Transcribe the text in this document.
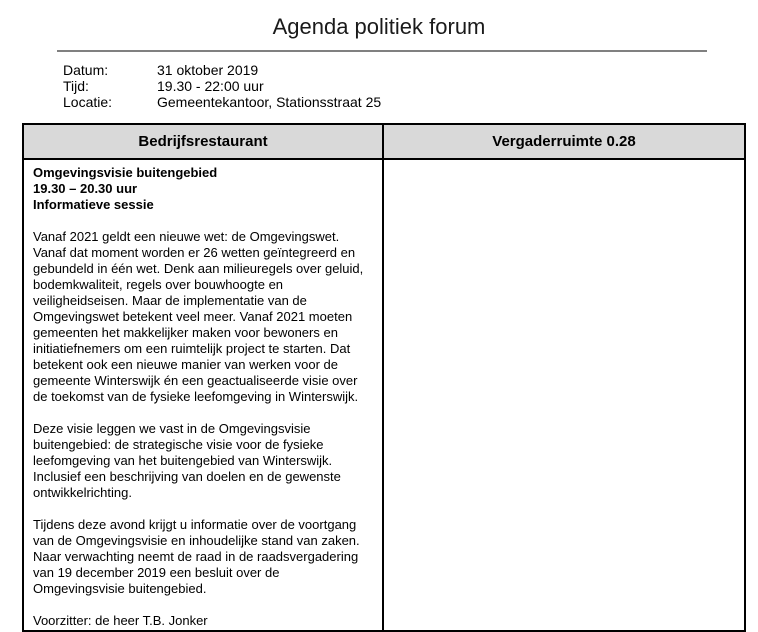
Agenda politiek forum
Datum:	31 oktober 2019
Tijd:	19.30 - 22:00 uur
Locatie:	Gemeentekantoor, Stationsstraat 25
Bedrijfsrestaurant	Vergaderruimte 0.28
Omgevingsvisie buitengebied
19.30 – 20.30 uur
Informatieve sessie

Vanaf 2021 geldt een nieuwe wet: de Omgevingswet. Vanaf dat moment worden er 26 wetten geïntegreerd en gebundeld in één wet. Denk aan milieuregels over geluid, bodemkwaliteit, regels over bouwhoogte en veiligheidseisen. Maar de implementatie van de Omgevingswet betekent veel meer. Vanaf 2021 moeten gemeenten het makkelijker maken voor bewoners en initiatiefnemers om een ruimtelijk project te starten. Dat betekent ook een nieuwe manier van werken voor de gemeente Winterswijk én een geactualiseerde visie over de toekomst van de fysieke leefomgeving in Winterswijk.

Deze visie leggen we vast in de Omgevingsvisie buitengebied: de strategische visie voor de fysieke leefomgeving van het buitengebied van Winterswijk. Inclusief een beschrijving van doelen en de gewenste ontwikkelrichting.

Tijdens deze avond krijgt u informatie over de voortgang van de Omgevingsvisie en inhoudelijke stand van zaken. Naar verwachting neemt de raad in de raadsvergadering van 19 december 2019 een besluit over de Omgevingsvisie buitengebied.

Voorzitter: de heer T.B. Jonker
